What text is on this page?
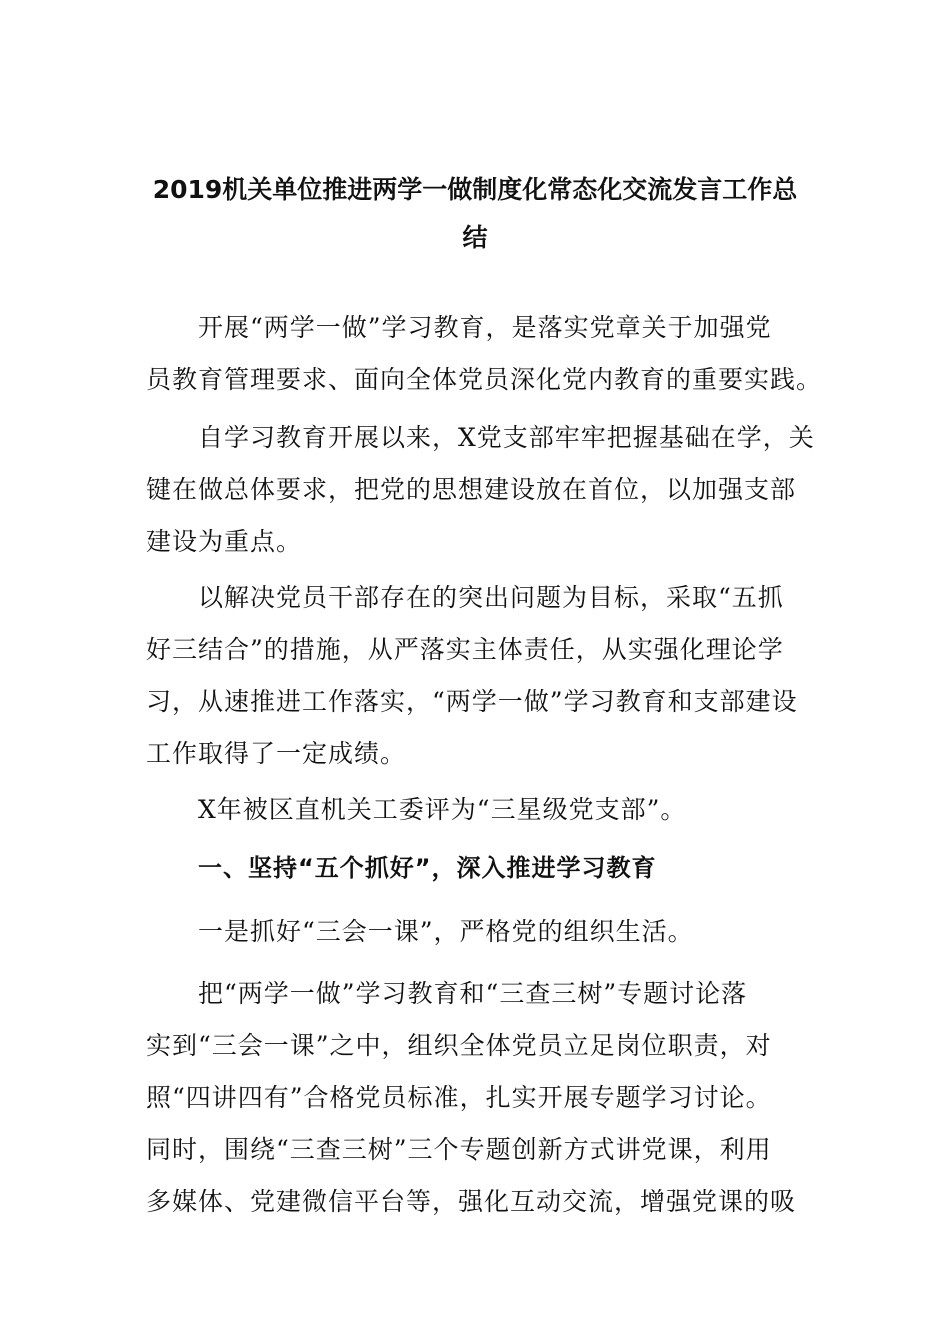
2019机关单位推进两学一做制度化常态化交流发言工作总
结
开展“两学一做”学习教育，是落实党章关于加强党
员教育管理要求、面向全体党员深化党内教育的重要实践。
自学习教育开展以来，X党支部牢牢把握基础在学，关
键在做总体要求，把党的思想建设放在首位，以加强支部
建设为重点。
以解决党员干部存在的突出问题为目标，采取“五抓
好三结合”的措施，从严落实主体责任，从实强化理论学
习，从速推进工作落实，“两学一做”学习教育和支部建设
工作取得了一定成绩。
X年被区直机关工委评为“三星级党支部”。
一、坚持“五个抓好”，深入推进学习教育
一是抓好“三会一课”，严格党的组织生活。
把“两学一做”学习教育和“三查三树”专题讨论落
实到“三会一课”之中，组织全体党员立足岗位职责，对
照“四讲四有”合格党员标准，扎实开展专题学习讨论。
同时，围绕“三查三树”三个专题创新方式讲党课，利用
多媒体、党建微信平台等，强化互动交流，增强党课的吸
